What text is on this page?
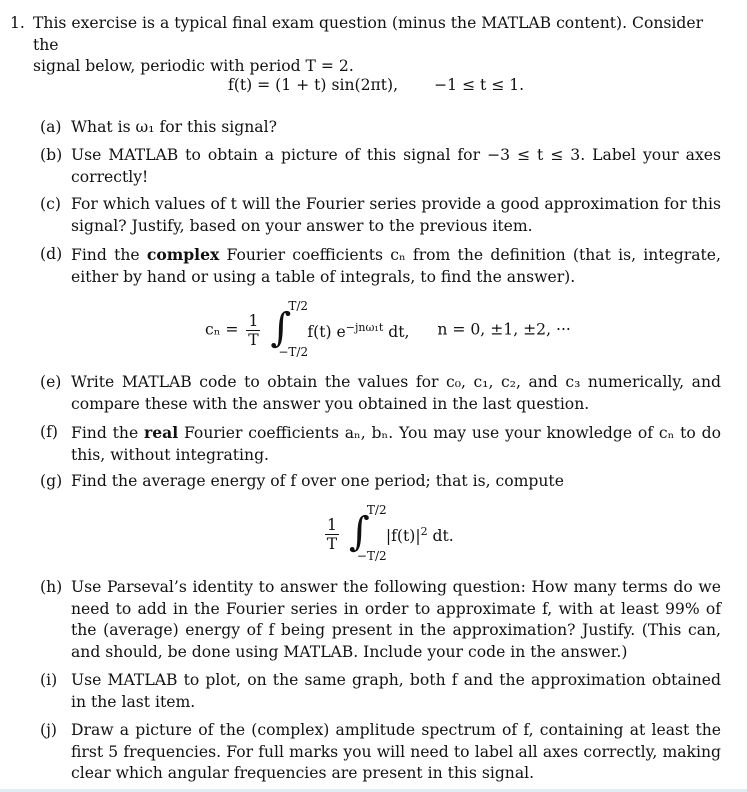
1. This exercise is a typical final exam question (minus the MATLAB content). Consider the
signal below, periodic with period T = 2.
f(t) = (1 + t) sin(2πt), −1 ≤ t ≤ 1.
(a) What is ω₁ for this signal?
(b) Use MATLAB to obtain a picture of this signal for −3 ≤ t ≤ 3. Label your axes correctly!
(c) For which values of t will the Fourier series provide a good approximation for this signal? Justify, based on your answer to the previous item.
(d) Find the complex Fourier coefficients cₙ from the definition (that is, integrate, either by hand or using a table of integrals, to find the answer).
$c_n = \frac{1}{T}$
∫
T/2
−T/2
f(t) $e^{-jn\omega_1t}$ dt, n = 0, ±1, ±2, ···
(e) Write MATLAB code to obtain the values for c₀, c₁, c₂, and c₃ numerically, and compare these with the answer you obtained in the last question.
(f) Find the real Fourier coefficients aₙ, bₙ. You may use your knowledge of cₙ to do this, without integrating.
(g) Find the average energy of f over one period; that is, compute
$\frac{1}{T}$
∫
T/2
−T/2
$|f(t)|^2$ dt.
(h) Use Parseval’s identity to answer the following question: How many terms do we need to add in the Fourier series in order to approximate f, with at least 99% of the (average) energy of f being present in the approximation? Justify. (This can, and should, be done using MATLAB. Include your code in the answer.)
(i) Use MATLAB to plot, on the same graph, both f and the approximation obtained in the last item.
(j) Draw a picture of the (complex) amplitude spectrum of f, containing at least the first 5 frequencies. For full marks you will need to label all axes correctly, making clear which angular frequencies are present in this signal.
